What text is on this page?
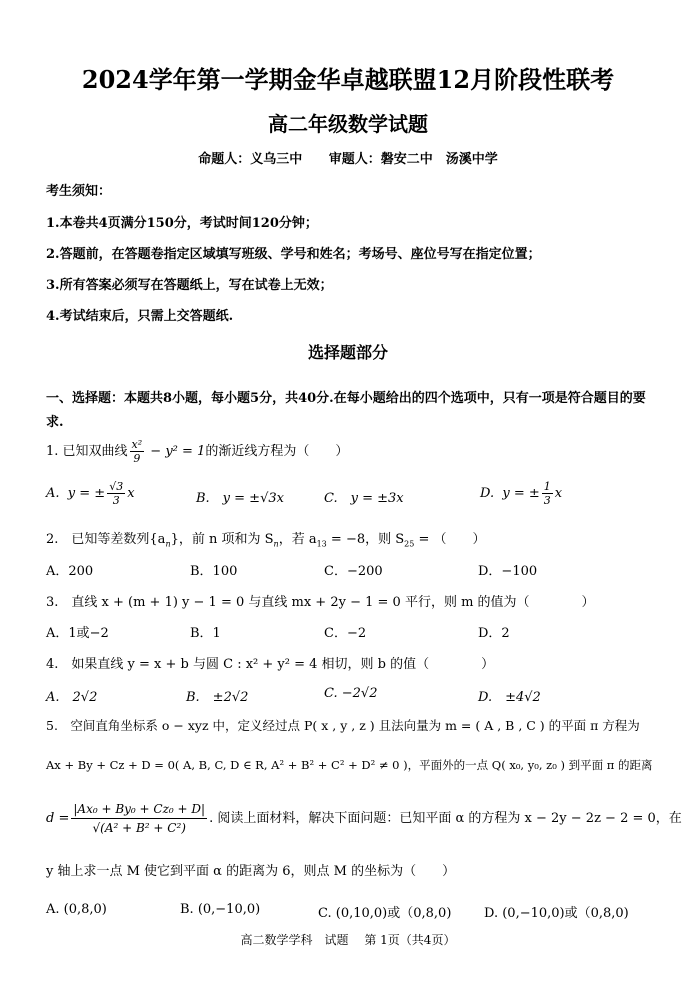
2024学年第一学期金华卓越联盟12月阶段性联考
高二年级数学试题
命题人：义乌三中 审题人：磐安二中　汤溪中学
考生须知：
1.本卷共4页满分150分，考试时间120分钟；
2.答题前，在答题卷指定区域填写班级、学号和姓名；考场号、座位号写在指定位置；
3.所有答案必须写在答题纸上，写在试卷上无效；
4.考试结束后，只需上交答题纸.
选择题部分
一、选择题：本题共8小题，每小题5分，共40分.在每小题给出的四个选项中，只有一项是符合题目的要求.
1. 已知双曲线 $\frac{\text{x²}}{9} - y^2 = 1$的渐近线方程为（　　）
A. y = ± $\frac{√3}{3}$ x	B.　y = ±√3x	C.　y = ±3x	D. y = ± $\frac{1}{3}$ x
2.　已知等差数列$\{a_n\}$，前 n 项和为 $S_n$，若 $a_{13} = -8$，则 $S_{25}$ = （　　）
A．200	B．100	C．−200	D．−100
3.　直线 x + (m + 1) y − 1 = 0 与直线 mx + 2y − 1 = 0 平行，则 m 的值为（　　　　）
A．1或−2	B．1	C．−2	D．2
4.　如果直线 y = x + b 与圆 C : x² + y² = 4 相切，则 b 的值（　　　　）
A.　2√2	B.　±2√2	C. −2√2	D.　±4√2
5.　空间直角坐标系 o − xyz 中，定义经过点 P( x , y , z ) 且法向量为 m = ( A , B , C ) 的平面 π 方程为
Ax + By + Cz + D = 0( A, B, C, D ∈ R, A² + B² + C² + D² ≠ 0 )，平面外的一点 Q( x₀, y₀, z₀ ) 到平面 π 的距离
$d = \frac{\text{|Ax₀ + By₀ + Cz₀ + D|}}{\text{√(A² + B² + C²)}}$ . 阅读上面材料，解决下面问题：已知平面 α 的方程为 x − 2y − 2z − 2 = 0，在
y 轴上求一点 M 使它到平面 α 的距离为 6，则点 M 的坐标为（　　）
A. (0,8,0)	B. (0,−10,0)	C. (0,10,0)或（0,8,0)	D. (0,−10,0)或（0,8,0)
高二数学学科　试题　 第 1页（共4页）
